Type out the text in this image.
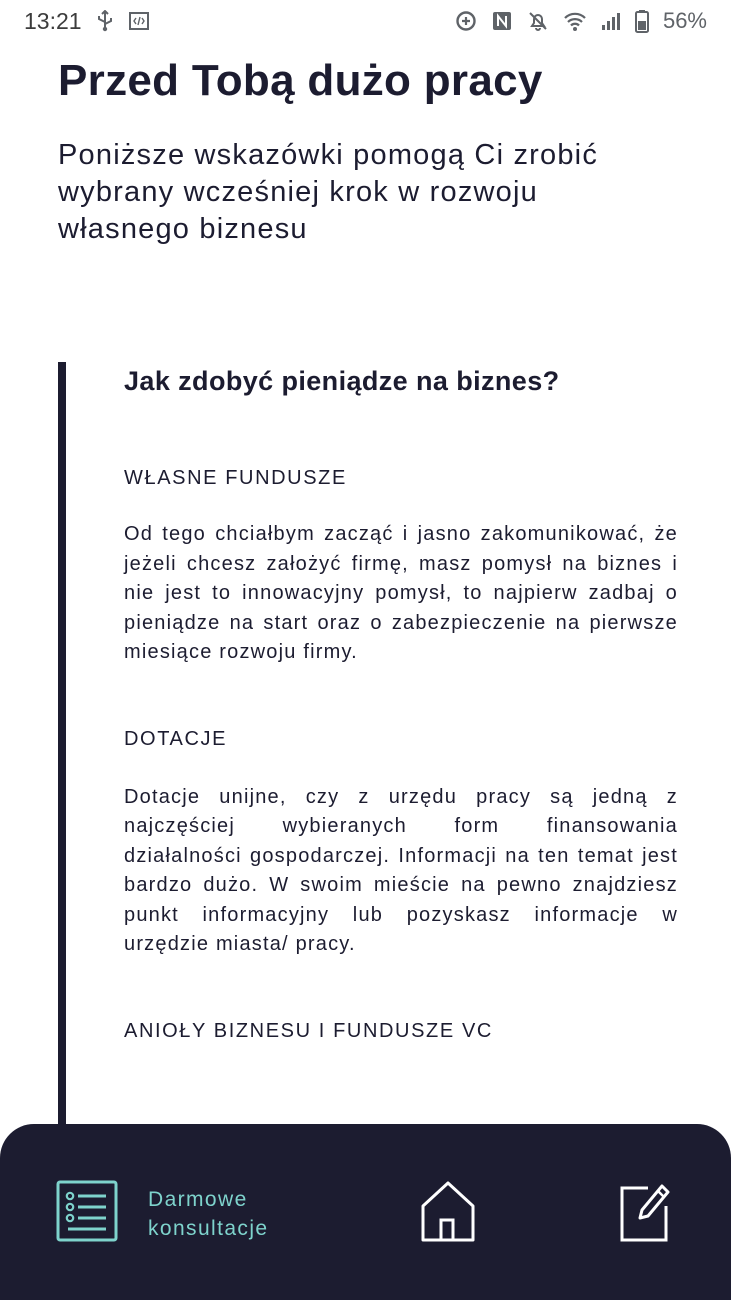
13:21	56%
Przed Tobą dużo pracy

Poniższe wskazówki pomogą Ci zrobić wybrany wcześniej krok w rozwoju własnego biznesu

Jak zdobyć pieniądze na biznes?
WŁASNE FUNDUSZE

Od tego chciałbym zacząć i jasno zakomunikować, że jeżeli chcesz założyć firmę, masz pomysł na biznes i nie jest to innowacyjny pomysł, to najpierw zadbaj o pieniądze na start oraz o zabezpieczenie na pierwsze miesiące rozwoju firmy.

DOTACJE

Dotacje unijne, czy z urzędu pracy są jedną z najczęściej wybieranych form finansowania działalności gospodarczej. Informacji na ten temat jest bardzo dużo. W swoim mieście na pewno znajdziesz punkt informacyjny lub pozyskasz informacje w urzędzie miasta/ pracy.

ANIOŁY BIZNESU I FUNDUSZE VC
Darmowe konsultacje
